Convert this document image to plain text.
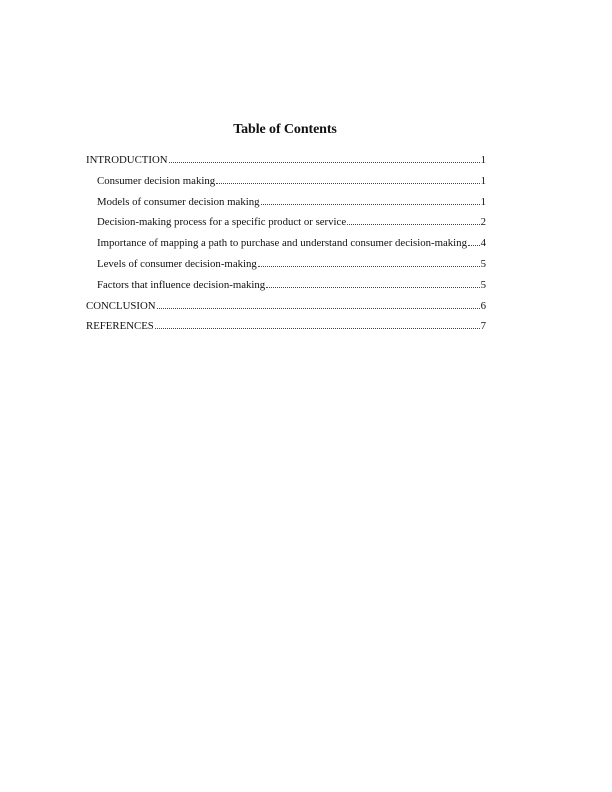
Table of Contents
INTRODUCTION	1
Consumer decision making	1
Models of consumer decision making	1
Decision-making process for a specific product or service	2
Importance of mapping a path to purchase and understand consumer decision-making 4
Levels of consumer decision-making	5
Factors that influence decision-making	5
CONCLUSION	6
REFERENCES	7
